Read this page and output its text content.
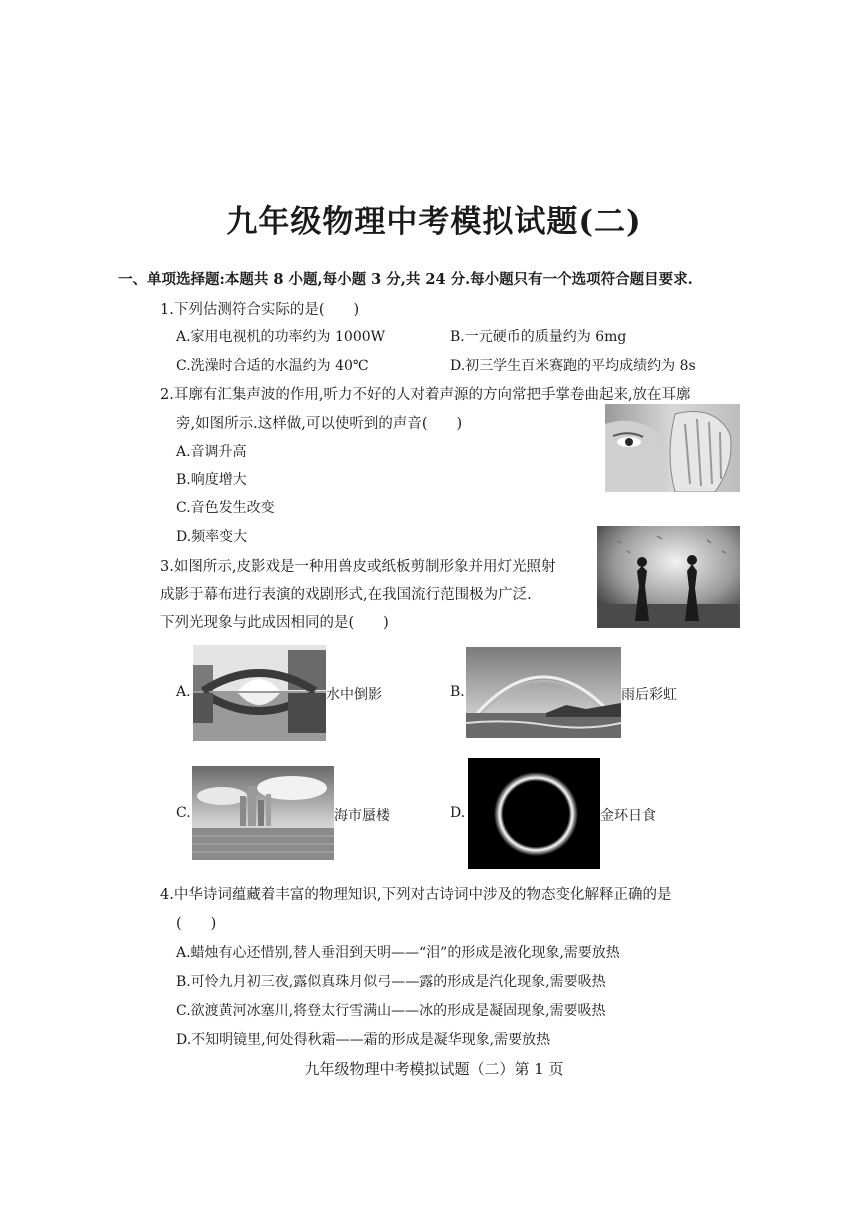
九年级物理中考模拟试题(二)
一、单项选择题:本题共 8 小题,每小题 3 分,共 24 分.每小题只有一个选项符合题目要求.
1.下列估测符合实际的是(　　)
A.家用电视机的功率约为 1000W	B.一元硬币的质量约为 6mg
C.洗澡时合适的水温约为 40℃	D.初三学生百米赛跑的平均成绩约为 8s
2.耳廓有汇集声波的作用,听力不好的人对着声源的方向常把手掌卷曲起来,放在耳廓
旁,如图所示.这样做,可以使听到的声音(　　)
A.音调升高
B.响度增大
C.音色发生改变
D.频率变大
3.如图所示,皮影戏是一种用兽皮或纸板剪制形象并用灯光照射
成影于幕布进行表演的戏剧形式,在我国流行范围极为广泛.
下列光现象与此成因相同的是(　　)
A.	水中倒影	B.	雨后彩虹
C.	海市蜃楼	D.	金环日食
4.中华诗词蕴藏着丰富的物理知识,下列对古诗词中涉及的物态变化解释正确的是
(　　)
A.蜡烛有心还惜别,替人垂泪到天明——“泪”的形成是液化现象,需要放热
B.可怜九月初三夜,露似真珠月似弓——露的形成是汽化现象,需要吸热
C.欲渡黄河冰塞川,将登太行雪满山——冰的形成是凝固现象,需要吸热
D.不知明镜里,何处得秋霜——霜的形成是凝华现象,需要放热
九年级物理中考模拟试题（二）第 1 页
